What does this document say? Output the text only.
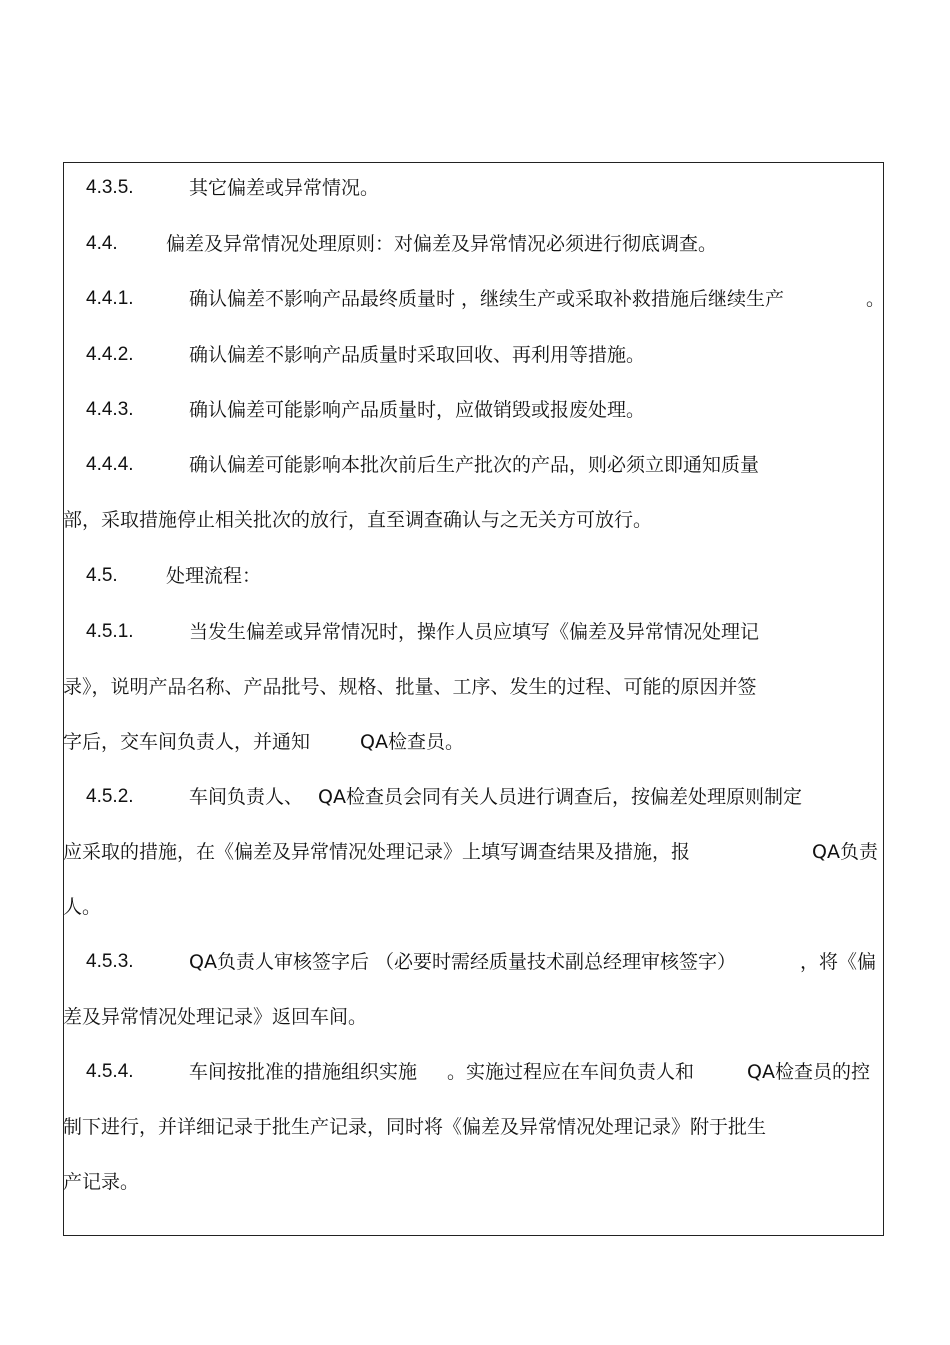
4.3.5.	其它偏差或异常情况。
4.4.	偏差及异常情况处理原则：对偏差及异常情况必须进行彻底调查。
4.4.1.	确认偏差不影响产品最终质量时 ，继续生产或采取补救措施后继续生产	。
4.4.2.	确认偏差不影响产品质量时采取回收、再利用等措施。
4.4.3.	确认偏差可能影响产品质量时，应做销毁或报废处理。
4.4.4.	确认偏差可能影响本批次前后生产批次的产品，则必须立即通知质量
部，采取措施停止相关批次的放行，直至调查确认与之无关方可放行。
4.5.	处理流程：
4.5.1.	当发生偏差或异常情况时，操作人员应填写《偏差及异常情况处理记
录》，说明产品名称、产品批号、规格、批量、工序、发生的过程、可能的原因并签
字后，交车间负责人，并通知	QA检查员。
4.5.2.	车间负责人、 QA检查员会同有关人员进行调查后，按偏差处理原则制定
应采取的措施，在《偏差及异常情况处理记录》上填写调查结果及措施，报	QA负责
人。
4.5.3.	QA负责人审核签字后 （必要时需经质量技术副总经理审核签字）	，将《偏
差及异常情况处理记录》返回车间。
4.5.4.	车间按批准的措施组织实施 。实施过程应在车间负责人和	QA检查员的控
制下进行，并详细记录于批生产记录，同时将《偏差及异常情况处理记录》附于批生
产记录。
